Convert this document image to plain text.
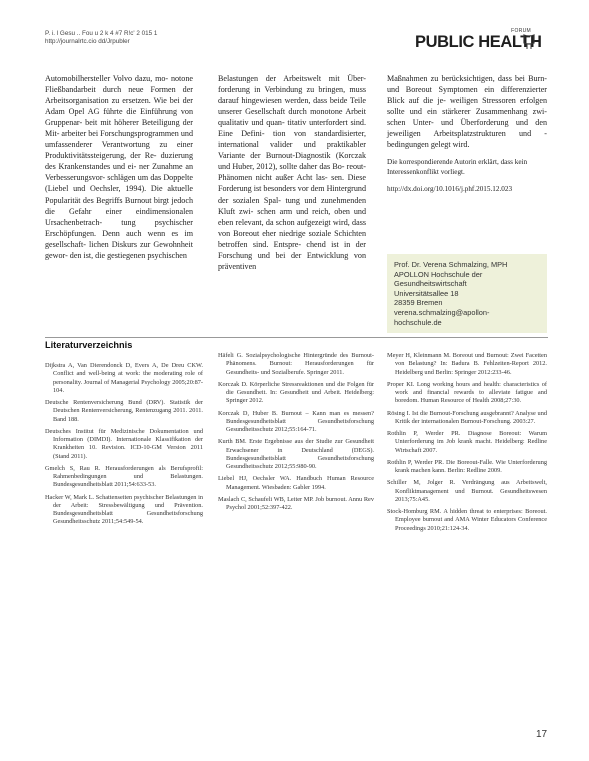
P. i. l Gesu .. Fou u 2 k 4 #7 R!c' 2 015 1
http://journalrtc.cio dd/Jrpubler
FORUM
PUBLIC HEALTH

Automobilhersteller Volvo dazu, mo- notone Fließbandarbeit durch neue Formen der Arbeitsorganisation zu ersetzen. Wie bei der Adam Opel AG führte die Einführung von Gruppenar- beit mit höherer Beteiligung der Mit- arbeiter bei Forschungsprogrammen und umfassenderer Verantwortung zu einer Produktivitätssteigerung, der Re- duzierung des Krankenstandes und ei- ner Zunahme an Verbesserungsvor- schlägen um das Doppelte (Liebel und Oechsler, 1994). Die aktuelle Popularität des Begriffs Burnout birgt jedoch die Gefahr einer eindimensionalen Ursachenbetrach- tung psychischer Erschöpfungen. Denn auch wenn es im gesellschaft- lichen Diskurs zur Gewohnheit gewor- den ist, die gestiegenen psychischen

Belastungen der Arbeitswelt mit Über- forderung in Verbindung zu bringen, muss darauf hingewiesen werden, dass beide Teile unserer Gesellschaft durch monotone Arbeit qualitativ und quan- titativ unterfordert sind. Eine Defini- tion von standardisierter, international valider und praktikabler Variante der Burnout-Diagnostik (Korczak und Huber, 2012), sollte daher das Bo- reout-Phänomen nicht außer Acht las- sen. Diese Forderung ist besonders vor dem Hintergrund der sozialen Spal- tung und zunehmenden Kluft zwi- schen arm und reich, oben und eben relevant, da schon aufgezeigt wird, dass von Boreout eher niedrige soziale Schichten betroffen sind. Entspre- chend ist in der Forschung und bei der Entwicklung von präventiven

Maßnahmen zu berücksichtigen, dass bei Burn- und Boreout Symptomen ein differenzierter Blick auf die je- weiligen Stressoren erfolgen sollte und ein stärkerer Zusammenhang zwi- schen Unter- und Überforderung und den jeweiligen Arbeitsplatzstrukturen und -bedingungen gelegt wird.

Die korrespondierende Autorin erklärt, dass kein Interessenkonflikt vorliegt.

http://dx.doi.org/10.1016/j.phf.2015.12.023

Prof. Dr. Verena Schmalzing, MPH
APOLLON Hochschule der
Gesundheitswirtschaft
Universitätsallee 18
28359 Bremen
verena.schmalzing@apollon-
hochschule.de
Literaturverzeichnis

Dijkstra A, Van Dierendonck D, Evers A, De Dreu CKW. Conflict and well-being at work: the moderating role of personality. Journal of Managerial Psychology 2005;20:87-104.

Deutsche Rentenversicherung Bund (DRV). Statistik der Deutschen Rentenversicherung, Rentenzugang 2011. 2011. Band 188.

Deutsches Institut für Medizinische Dokumentation und Information (DIMDI). Internationale Klassifikation der Krankheiten 10. Revision. ICD-10-GM Version 2011 (Stand 2011).

Gmelch S, Rau R. Herausforderungen als Berufsprofil: Rahmenbedingungen und Belastungen. Bundesgesundheitsblatt 2011;54:633-53.

Hacker W, Mark L. Schattenseiten psychischer Belastungen in der Arbeit: Stressbewältigung und Prävention. Bundesgesundheitsblatt Gesundheitsforschung Gesundheitsschutz 2011;54:549-54.

Häfeli G. Sozialpsychologische Hintergründe des Burnout-Phänomens. Burnout: Herausforderungen für Gesundheits- und Sozialberufe. Springer 2011.

Korczak D. Körperliche Stressreaktionen und die Folgen für die Gesundheit. In: Gesundheit und Arbeit. Heidelberg: Springer 2012.

Korczak D, Huber B. Burnout – Kann man es messen? Bundesgesundheitsblatt Gesundheitsforschung Gesundheitsschutz 2012;55:164-71.

Kurth BM. Erste Ergebnisse aus der Studie zur Gesundheit Erwachsener in Deutschland (DEGS). Bundesgesundheitsblatt Gesundheitsforschung Gesundheitsschutz 2012;55:980-90.

Liebel HJ, Oechsler WA. Handbuch Human Resource Management. Wiesbaden: Gabler 1994.

Maslach C, Schaufeli WB, Leiter MP. Job burnout. Annu Rev Psychol 2001;52:397-422.

Meyer H, Kleinmann M. Boreout und Burnout: Zwei Facetten von Belastung? In: Badura B. Fehlzeiten-Report 2012. Heidelberg und Berlin: Springer 2012:233-46.

Proper KI. Long working hours and health: characteristics of work and financial rewards to alleviate fatigue and boredom. Human Resource of Health 2008;27:30.

Rösing I. Ist die Burnout-Forschung ausgebrannt? Analyse und Kritik der internationalen Burnout-Forschung. 2003:27.

Rothlin P, Werder PR. Diagnose Boreout: Warum Unterforderung im Job krank macht. Heidelberg: Redline Wirtschaft 2007.

Rothlin P, Werder PR. Die Boreout-Falle. Wie Unterforderung krank machen kann. Berlin: Redline 2009.

Schiller M, Jolger R. Verdrängung aus Arbeitswelt, Konfliktmanagement und Burnout. Gesundheitswesen 2013;75:A45.

Stock-Homburg RM. A hidden threat to enterprises: Boreout. Employee burnout and AMA Winter Educators Conference Proceedings 2010;21:124-34.

17
